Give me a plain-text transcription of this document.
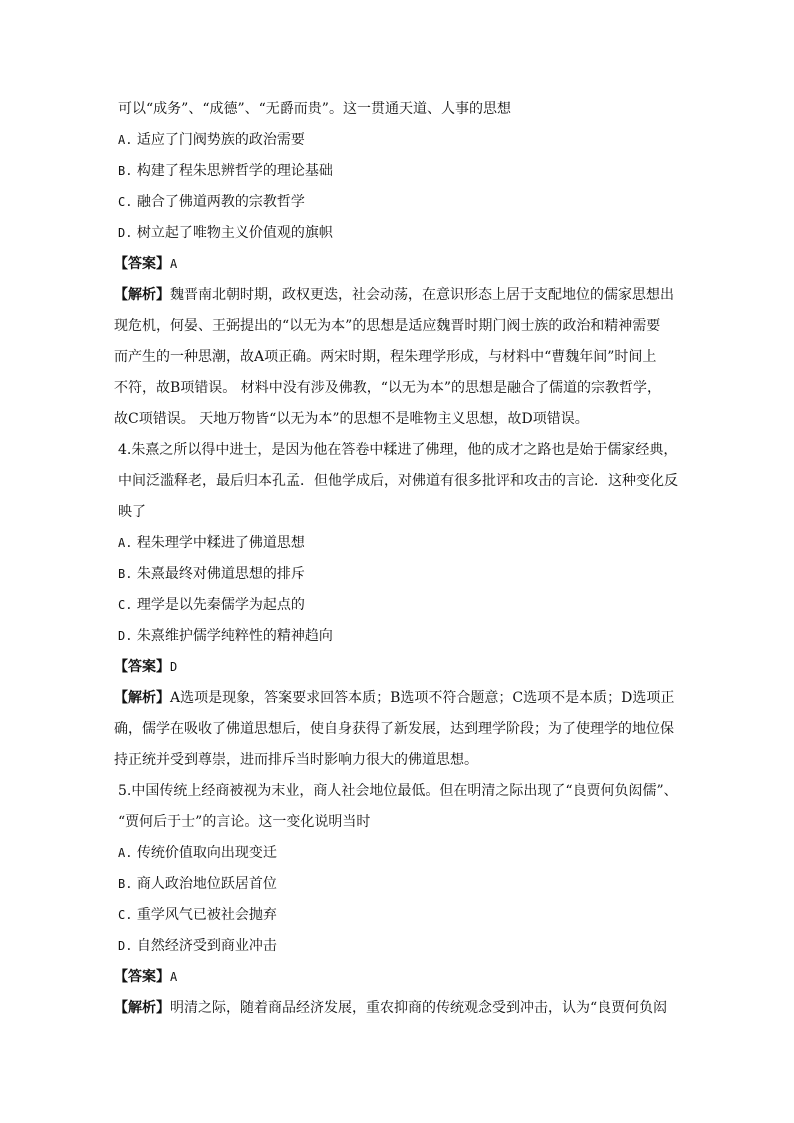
可以“成务”、“成德”、“无爵而贵”。这一贯通天道、人事的思想

A. 适应了门阀势族的政治需要
B. 构建了程朱思辨哲学的理论基础
C. 融合了佛道两教的宗教哲学
D. 树立起了唯物主义价值观的旗帜
【答案】A
【解析】魏晋南北朝时期，政权更迭，社会动荡，在意识形态上居于支配地位的儒家思想出
现危机，何晏、王弼提出的“以无为本”的思想是适应魏晋时期门阀士族的政治和精神需要
而产生的一种思潮，故A项正确。两宋时期，程朱理学形成，与材料中“曹魏年间”时间上
不符，故B项错误。 材料中没有涉及佛教，“以无为本”的思想是融合了儒道的宗教哲学，
故C项错误。 天地万物皆“以无为本”的思想不是唯物主义思想，故D项错误。
4.朱熹之所以得中进士，是因为他在答卷中糅进了佛理，他的成才之路也是始于儒家经典，
中间泛滥释老，最后归本孔孟．但他学成后，对佛道有很多批评和攻击的言论．这种变化反
映了
A. 程朱理学中糅进了佛道思想
B. 朱熹最终对佛道思想的排斥
C. 理学是以先秦儒学为起点的
D. 朱熹维护儒学纯粹性的精神趋向
【答案】D
【解析】A选项是现象，答案要求回答本质；B选项不符合题意；C选项不是本质；D选项正
确，儒学在吸收了佛道思想后，使自身获得了新发展，达到理学阶段；为了使理学的地位保
持正统并受到尊崇，进而排斥当时影响力很大的佛道思想。
5.中国传统上经商被视为末业，商人社会地位最低。但在明清之际出现了“良贾何负闳儒”、
“贾何后于士”的言论。这一变化说明当时
A. 传统价值取向出现变迁
B. 商人政治地位跃居首位
C. 重学风气已被社会抛弃
D. 自然经济受到商业冲击
【答案】A
【解析】明清之际，随着商品经济发展，重农抑商的传统观念受到冲击，认为“良贾何负闳
